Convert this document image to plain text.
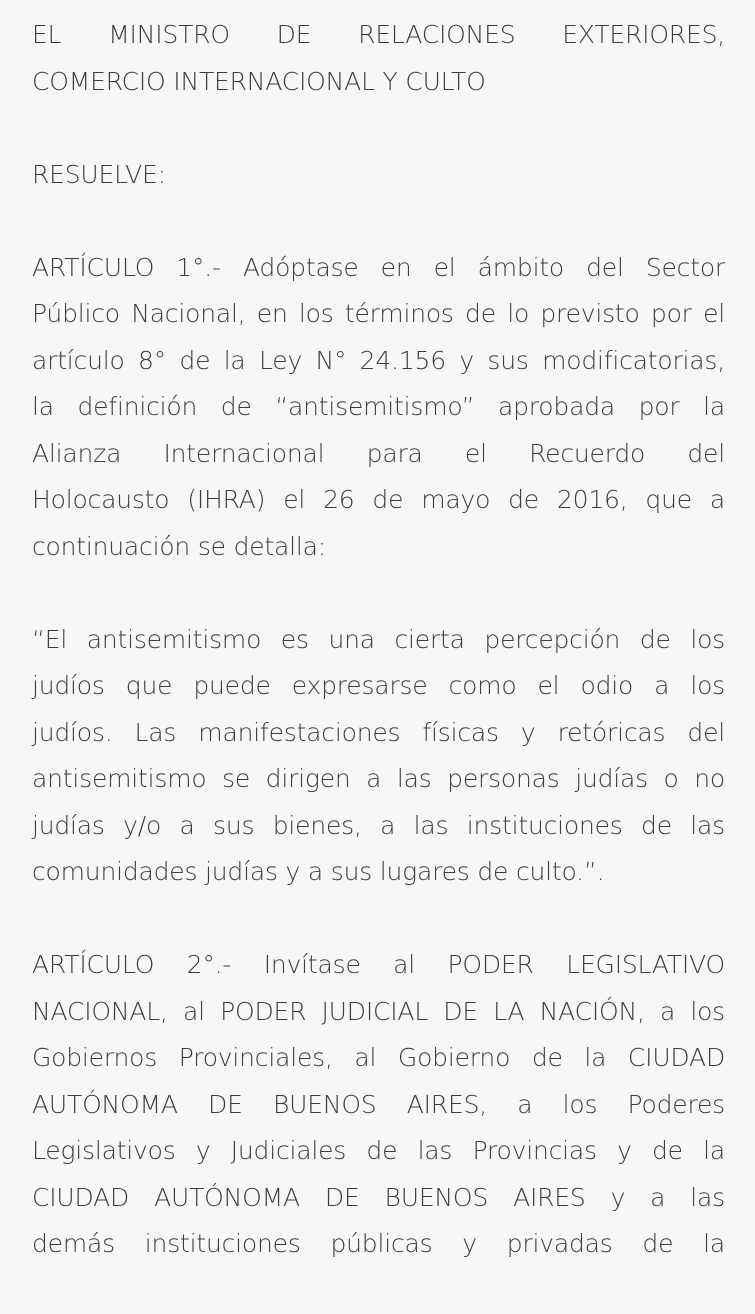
EL MINISTRO DE RELACIONES EXTERIORES,
COMERCIO INTERNACIONAL Y CULTO
RESUELVE:
ARTÍCULO 1°.- Adóptase en el ámbito del Sector
Público Nacional, en los términos de lo previsto por el
artículo 8° de la Ley N° 24.156 y sus modificatorias,
la definición de “antisemitismo” aprobada por la
Alianza Internacional para el Recuerdo del
Holocausto (IHRA) el 26 de mayo de 2016, que a
continuación se detalla:
“El antisemitismo es una cierta percepción de los
judíos que puede expresarse como el odio a los
judíos. Las manifestaciones físicas y retóricas del
antisemitismo se dirigen a las personas judías o no
judías y/o a sus bienes, a las instituciones de las
comunidades judías y a sus lugares de culto.”.
ARTÍCULO 2°.- Invítase al PODER LEGISLATIVO
NACIONAL, al PODER JUDICIAL DE LA NACIÓN, a los
Gobiernos Provinciales, al Gobierno de la CIUDAD
AUTÓNOMA DE BUENOS AIRES, a los Poderes
Legislativos y Judiciales de las Provincias y de la
CIUDAD AUTÓNOMA DE BUENOS AIRES y a las
demás instituciones públicas y privadas de la
